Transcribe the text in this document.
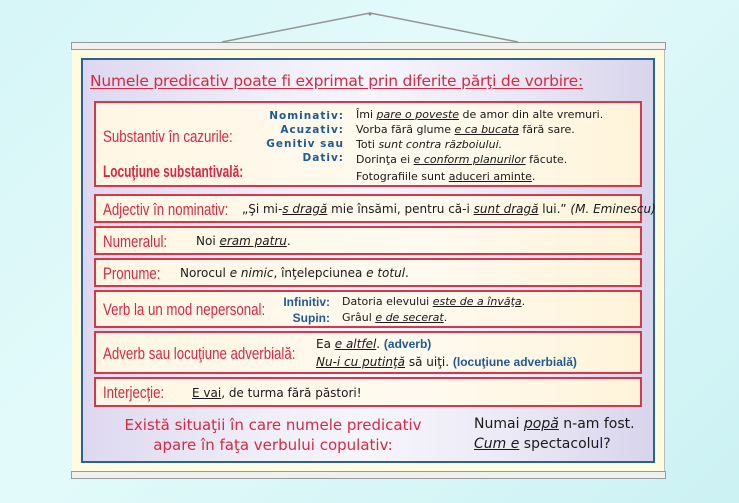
Numele predicativ poate fi exprimat prin diferite părţi de vorbire:
Substantiv în cazurile:
Locuţiune substantivală:
Nominativ:
Acuzativ:
Genitiv sau
Dativ:
Îmi pare o poveste de amor din alte vremuri.
Vorba fără glume e ca bucata fără sare.
Toti sunt contra războiului.
Dorinţa ei e conform planurilor făcute.
Fotografiile sunt aduceri aminte.
Adjectiv în nominativ: „Şi mi-s dragă mie însămi, pentru că-i sunt dragă lui.” (M. Eminescu)
Numeralul: Noi eram patru.
Pronume: Norocul e nimic, înţelepciunea e totul.
Verb la un mod nepersonal:	Infinitiv:
Supin:
Datoria elevului este de a învăţa.
Grâul e de secerat.
Adverb sau locuţiune adverbială: Ea e altfel. (adverb)
Nu-i cu putinţă să uiţi. (locuţiune adverbială)
Interjecţie: E vai, de turma fără păstori!
Există situaţii în care numele predicativ
apare în faţa verbului copulativ:
Numai popă n-am fost.
Cum e spectacolul?
